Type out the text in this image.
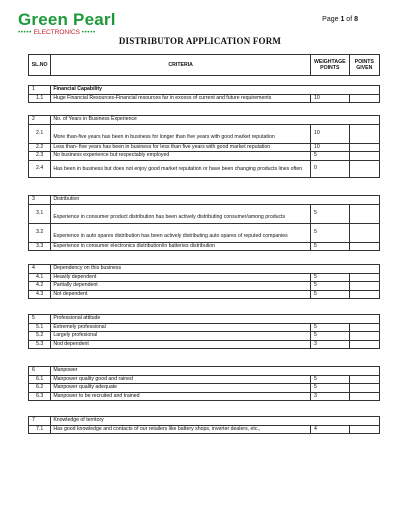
Green Pearl
••••• ELECTRONICS •••••
Page 1 of 8
DISTRIBUTOR APPLICATION FORM
SL.NO	CRITERIA	WEIGHTAGE POINTS	POINTS GIVEN
1	Financial Capability		
1.1	Huge Financial Resources-Financial resources far in excess of current and future requirements	10	
2	No. of Years in Business Experience		
2.1	More than-five years has been in business for longer than five years with good market reputation	10	
2.2	Less than- five years has been in business for less than five years with good market reputation	10	
2.3	No business experience but respectably employed	5	
2.4	Has been in business but does not enjoy good market reputation or have been changing products lines often	0	
3	Distribution		
3.1	Experience in consumer product distribution has been actively distributing consumer/among products	5	
3.2	Experience in auto spares distribution has been actively distributing auto spares of reputed companies	5	
3.3	Experience in consumer electronics distribution/in batteries distribution	5	
4	Dependency on this business		
4.1	Heavily dependent	5	
4.2	Partially dependent	5	
4.3	Not dependent	5	
5	Professional attitude		
5.1	Extremely professional	5	
5.2	Largely profesional	5	
5.3	Nod dependent	3	
6	Manpower		
6.1	Manpower quality good and rained	5	
6.2	Manpower quality adequate	5	
6.3	Manpower to be recruited and trained	3	
7	Knowledge of territory		
7.1	Has good knowledge and contacts of our retailers like battery shops, inverter dealers, etc.,	4	
